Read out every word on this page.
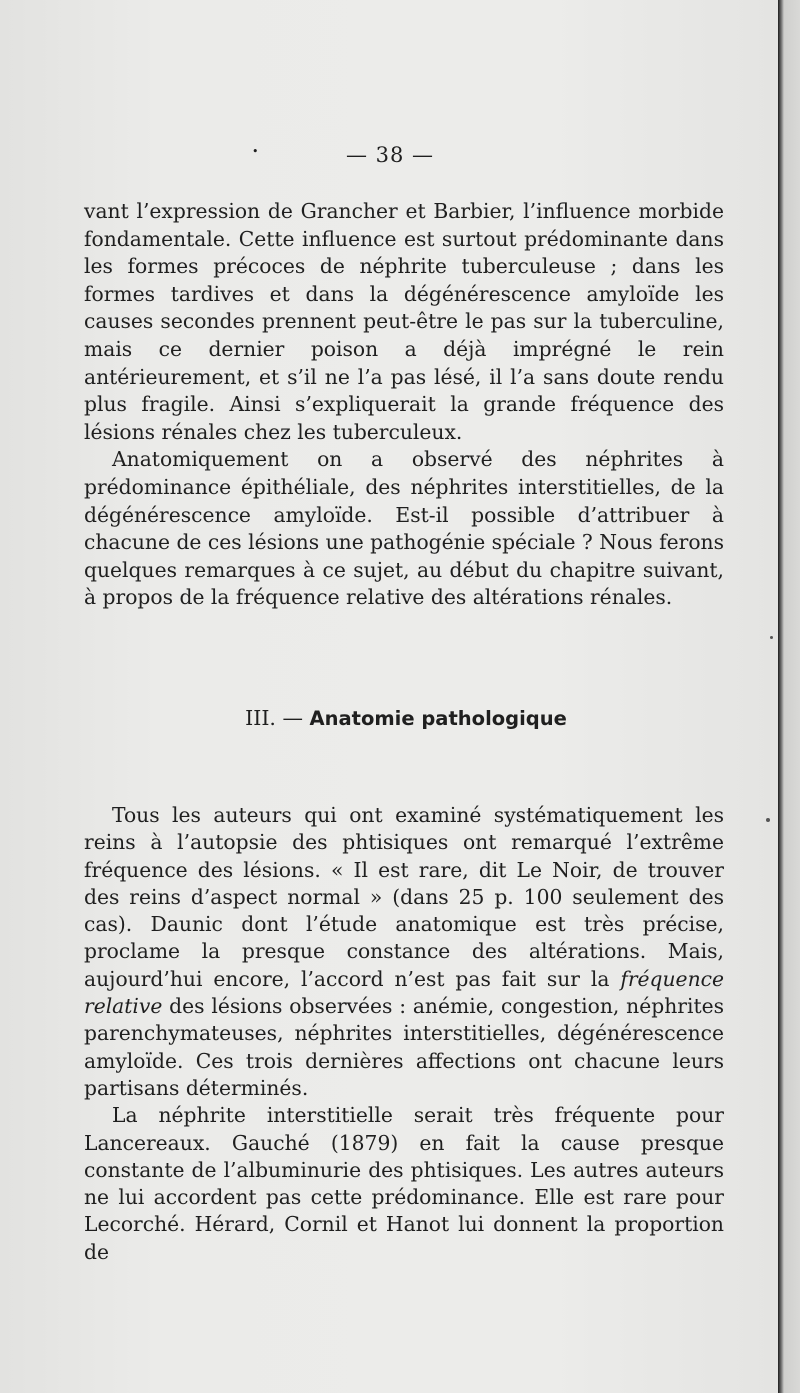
• — 38 —

vant l’expression de Grancher et Barbier, l’influence morbide fondamentale. Cette influence est surtout prédominante dans les formes précoces de néphrite tuberculeuse ; dans les formes tardives et dans la dégénérescence amyloïde les causes secondes prennent peut-être le pas sur la tuberculine, mais ce dernier poison a déjà imprégné le rein antérieurement, et s’il ne l’a pas lésé, il l’a sans doute rendu plus fragile. Ainsi s’expliquerait la grande fréquence des lésions rénales chez les tuberculeux.

Anatomiquement on a observé des néphrites à prédominance épithéliale, des néphrites interstitielles, de la dégénérescence amyloïde. Est-il possible d’attribuer à chacune de ces lésions une pathogénie spéciale ? Nous ferons quelques remarques à ce sujet, au début du chapitre suivant, à propos de la fréquence relative des altérations rénales.

III. — Anatomie pathologique

Tous les auteurs qui ont examiné systématiquement les reins à l’autopsie des phtisiques ont remarqué l’extrême fréquence des lésions. « Il est rare, dit Le Noir, de trouver des reins d’aspect normal » (dans 25 p. 100 seulement des cas). Daunic dont l’étude anatomique est très précise, proclame la presque constance des altérations. Mais, aujourd’hui encore, l’accord n’est pas fait sur la fréquence relative des lésions observées : anémie, congestion, néphrites parenchymateuses, néphrites interstitielles, dégénérescence amyloïde. Ces trois dernières affections ont chacune leurs partisans déterminés.

La néphrite interstitielle serait très fréquente pour Lancereaux. Gauché (1879) en fait la cause presque constante de l’albuminurie des phtisiques. Les autres auteurs ne lui accordent pas cette prédominance. Elle est rare pour Lecorché. Hérard, Cornil et Hanot lui donnent la proportion de
